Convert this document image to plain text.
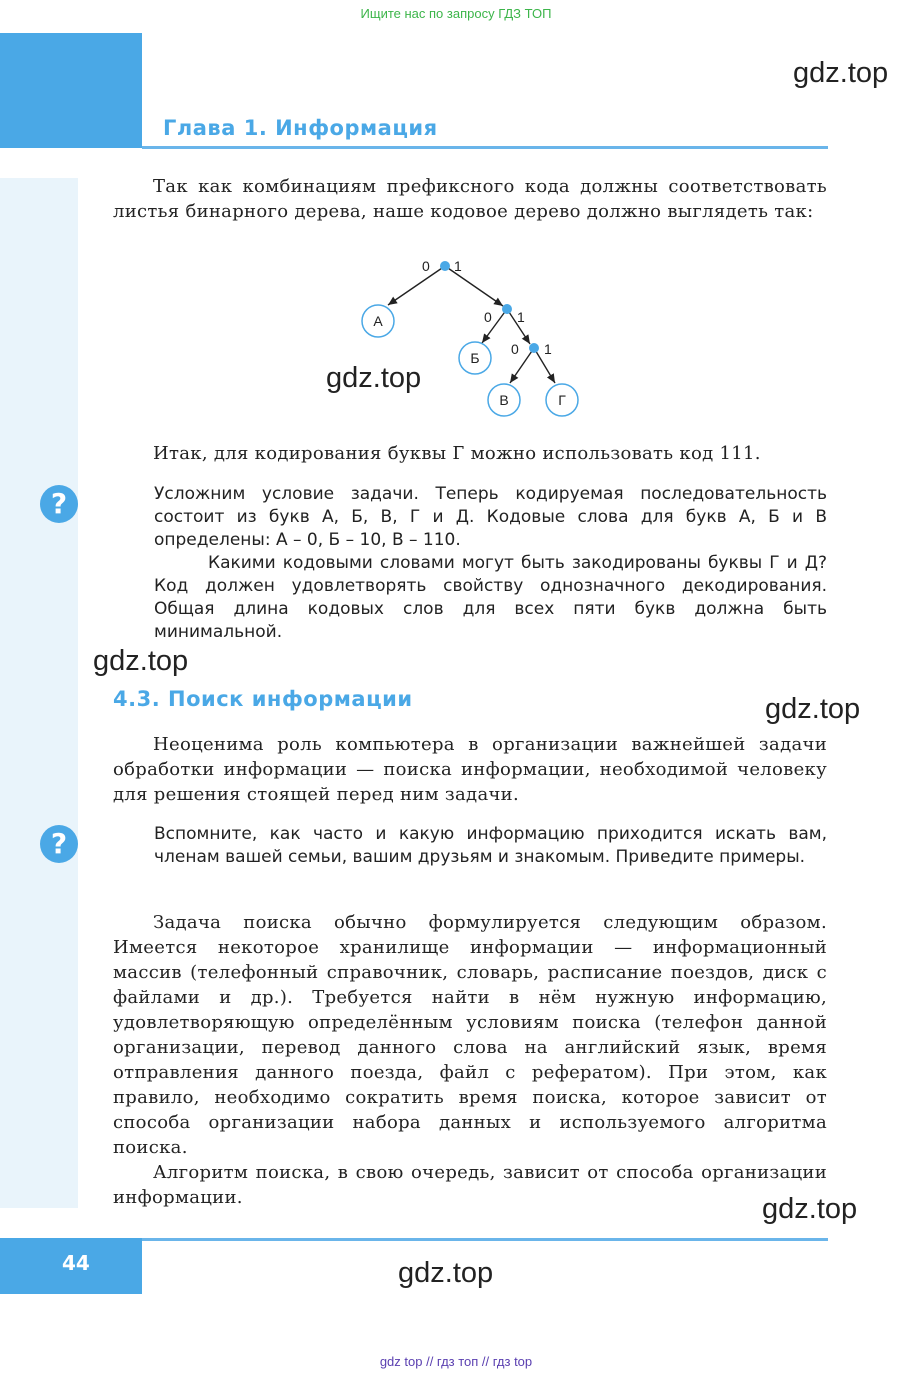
Ищите нас по запросу ГДЗ ТОП
Глава 1. Информация
gdz.top

Так как комбинациям префиксного кода должны соответствовать листья бинарного дерева, наше кодовое дерево должно выглядеть так:

0 1
0 1
0 1
А
Б
В	Г
gdz.top

Итак, для кодирования буквы Г можно использовать код 111.

?	Усложним условие задачи. Теперь кодируемая последовательность состоит из букв А, Б, В, Г и Д. Кодовые слова для букв А, Б и В определены: А – 0, Б – 10, В – 110.

Какими кодовыми словами могут быть закодированы буквы Г и Д? Код должен удовлетворять свойству однозначного декодирования. Общая длина кодовых слов для всех пяти букв должна быть минимальной.

gdz.top
4.3. Поиск информации	gdz.top

Неоценима роль компьютера в организации важнейшей задачи обработки информации — поиска информации, необходимой человеку для решения стоящей перед ним задачи.

?	Вспомните, как часто и какую информацию приходится искать вам, членам вашей семьи, вашим друзьям и знакомым. Приведите примеры.

Задача поиска обычно формулируется следующим образом. Имеется некоторое хранилище информации — информационный массив (телефонный справочник, словарь, расписание поездов, диск с файлами и др.). Требуется найти в нём нужную информацию, удовлетворяющую определённым условиям поиска (телефон данной организации, перевод данного слова на английский язык, время отправления данного поезда, файл с рефератом). При этом, как правило, необходимо сократить время поиска, которое зависит от способа организации набора данных и используемого алгоритма поиска.

Алгоритм поиска, в свою очередь, зависит от способа организации информации.	gdz.top
44	gdz.top
gdz top // гдз топ // гдз top
